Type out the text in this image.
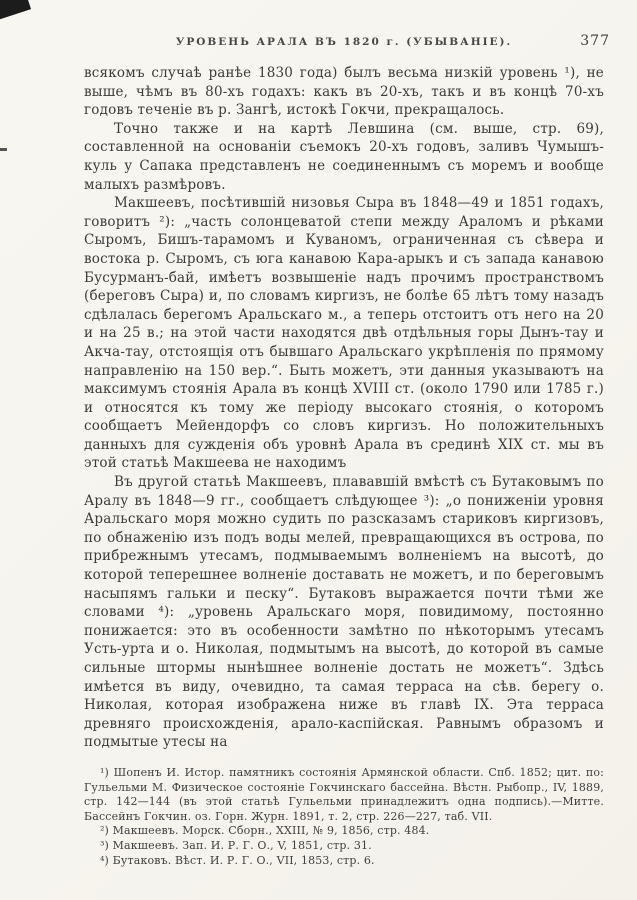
УРОВЕНЬ АРАЛА ВЪ 1820 г. (УБЫВАНІЕ).	377

всякомъ случаѣ ранѣе 1830 года) былъ весьма низкій уровень ¹), не выше, чѣмъ въ 80-хъ годахъ: какъ въ 20-хъ, такъ и въ концѣ 70-хъ годовъ теченіе въ р. Зангѣ, истокѣ Гокчи, прекращалось.

Точно также и на картѣ Левшина (см. выше, стр. 69), составленной на основаніи съемокъ 20-хъ годовъ, заливъ Чумышъ-куль у Сапака представленъ не соединеннымъ съ моремъ и вообще малыхъ размѣровъ.

Макшеевъ, посѣтившій низовья Сыра въ 1848—49 и 1851 годахъ, говоритъ ²): „часть солонцеватой степи между Араломъ и рѣками Сыромъ, Бишъ-тарамомъ и Куваномъ, ограниченная съ сѣвера и востока р. Сыромъ, съ юга канавою Кара-арыкъ и съ запада канавою Бусурманъ-бай, имѣетъ возвышеніе надъ прочимъ пространствомъ (береговъ Сыра) и, по словамъ киргизъ, не болѣе 65 лѣтъ тому назадъ сдѣлалась берегомъ Аральскаго м., а теперь отстоитъ отъ него на 20 и на 25 в.; на этой части находятся двѣ отдѣльныя горы Дынъ-тау и Акча-тау, отстоящія отъ бывшаго Аральскаго укрѣпленія по прямому направленію на 150 вер.“. Быть можетъ, эти данныя указываютъ на максимумъ стоянія Арала въ концѣ XVIII ст. (около 1790 или 1785 г.) и относятся къ тому же періоду высокаго стоянія, о которомъ сообщаетъ Мейендорфъ со словъ киргизъ. Но положительныхъ данныхъ для сужденія объ уровнѣ Арала въ срединѣ XIX ст. мы въ этой статьѣ Макшеева не находимъ

Въ другой статьѣ Макшеевъ, плававшій вмѣстѣ съ Бутаковымъ по Аралу въ 1848—9 гг., сообщаетъ слѣдующее ³): „о пониженіи уровня Аральскаго моря можно судить по разсказамъ стариковъ киргизовъ, по обнаженію изъ подъ воды мелей, превращающихся въ острова, по прибрежнымъ утесамъ, подмываемымъ волненіемъ на высотѣ, до которой теперешнее волненіе доставать не можетъ, и по береговымъ насыпямъ гальки и песку“. Бутаковъ выражается почти тѣми же словами ⁴): „уровень Аральскаго моря, повидимому, постоянно понижается: это въ особенности замѣтно по нѣкоторымъ утесамъ Усть-урта и о. Николая, подмытымъ на высотѣ, до которой въ самые сильные штормы нынѣшнее волненіе достать не можетъ“. Здѣсь имѣется въ виду, очевидно, та самая терраса на сѣв. берегу о. Николая, которая изображена ниже въ главѣ IX. Эта терраса древняго происхожденія, арало-каспійская. Равнымъ образомъ и подмытые утесы на

¹) Шопенъ И. Истор. памятникъ состоянія Армянской области. Спб. 1852; цит. по: Гульельми М. Физическое состояніе Гокчинскаго бассейна. Вѣстн. Рыбопр., IV, 1889, стр. 142—144 (въ этой статьѣ Гульельми принадлежитъ одна подпись).—Митте. Бассейнъ Гокчин. оз. Горн. Журн. 1891, т. 2, стр. 226—227, таб. VII.

²) Макшеевъ. Морск. Сборн., XXIII, № 9, 1856, стр. 484.

³) Макшеевъ. Зап. И. Р. Г. О., V, 1851, стр. 31.

⁴) Бутаковъ. Вѣст. И. Р. Г. О., VII, 1853, стр. 6.
